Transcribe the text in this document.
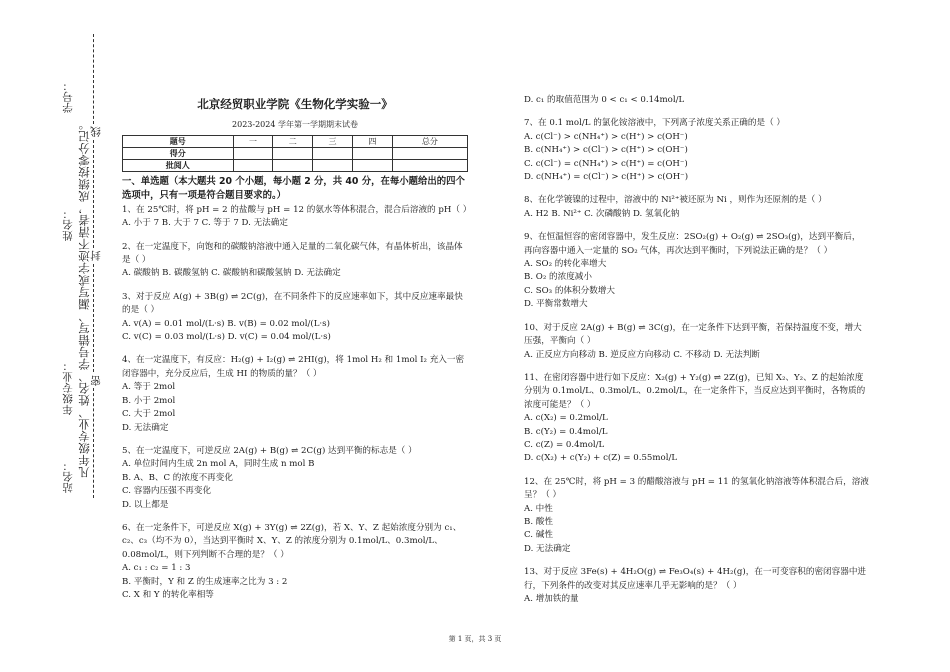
学号：
姓名：
年级专业：
站名： 凡年级专业、姓名、学号错写、漏写或字迹不清者，成绩按零分记。 线
封
密
北京经贸职业学院《生物化学实验一》
2023-2024 学年第一学期期末试卷
题号	一	二	三	四	总分
得分					
批阅人					
一、单选题（本大题共 20 个小题，每小题 2 分，共 40 分，在每小题给出的四个选项中，只有一项是符合题目要求的。）
1、在 25℃时，将 pH = 2 的盐酸与 pH = 12 的氨水等体积混合，混合后溶液的 pH（ ）
A. 小于 7 B. 大于 7 C. 等于 7 D. 无法确定
2、在一定温度下，向饱和的碳酸钠溶液中通入足量的二氧化碳气体，有晶体析出，该晶体是（ ）
A. 碳酸钠 B. 碳酸氢钠 C. 碳酸钠和碳酸氢钠 D. 无法确定
3、对于反应 A(g) + 3B(g) ⇌ 2C(g)，在不同条件下的反应速率如下，其中反应速率最快的是（ ）
A. v(A) = 0.01 mol/(L·s) B. v(B) = 0.02 mol/(L·s)
C. v(C) = 0.03 mol/(L·s) D. v(C) = 0.04 mol/(L·s)
4、在一定温度下，有反应：H₂(g) + I₂(g) ⇌ 2HI(g)，将 1mol H₂ 和 1mol I₂ 充入一密闭容器中，充分反应后，生成 HI 的物质的量？（ ）
A. 等于 2mol
B. 小于 2mol
C. 大于 2mol
D. 无法确定
5、在一定温度下，可逆反应 2A(g) + B(g) ⇌ 2C(g) 达到平衡的标志是（ ）
A. 单位时间内生成 2n mol A，同时生成 n mol B
B. A、B、C 的浓度不再变化
C. 容器内压强不再变化
D. 以上都是
6、在一定条件下，可逆反应 X(g) + 3Y(g) ⇌ 2Z(g)，若 X、Y、Z 起始浓度分别为 c₁、c₂、c₃（均不为 0），当达到平衡时 X、Y、Z 的浓度分别为 0.1mol/L、0.3mol/L、0.08mol/L，则下列判断不合理的是？（ ）
A. c₁ : c₂ = 1 : 3
B. 平衡时，Y 和 Z 的生成速率之比为 3 : 2
C. X 和 Y 的转化率相等
D. c₁ 的取值范围为 0 < c₁ < 0.14mol/L
7、在 0.1 mol/L 的氯化铵溶液中，下列离子浓度关系正确的是（ ）
A. c(Cl⁻) > c(NH₄⁺) > c(H⁺) > c(OH⁻)
B. c(NH₄⁺) > c(Cl⁻) > c(H⁺) > c(OH⁻)
C. c(Cl⁻) = c(NH₄⁺) > c(H⁺) = c(OH⁻)
D. c(NH₄⁺) = c(Cl⁻) > c(H⁺) > c(OH⁻)
8、在化学镀镍的过程中，溶液中的 Ni²⁺被还原为 Ni ，则作为还原剂的是（ ）
A. H2 B. Ni²⁺ C. 次磷酸钠 D. 氢氧化钠
9、在恒温恒容的密闭容器中，发生反应：2SO₂(g) + O₂(g) ⇌ 2SO₃(g)，达到平衡后，再向容器中通入一定量的 SO₂ 气体，再次达到平衡时，下列说法正确的是？（ ）
A. SO₂ 的转化率增大
B. O₂ 的浓度减小
C. SO₃ 的体积分数增大
D. 平衡常数增大
10、对于反应 2A(g) + B(g) ⇌ 3C(g)，在一定条件下达到平衡，若保持温度不变，增大压强，平衡向（ ）
A. 正反应方向移动 B. 逆反应方向移动 C. 不移动 D. 无法判断
11、在密闭容器中进行如下反应：X₂(g) + Y₂(g) ⇌ 2Z(g)，已知 X₂、Y₂、Z 的起始浓度分别为 0.1mol/L、0.3mol/L、0.2mol/L，在一定条件下，当反应达到平衡时，各物质的浓度可能是？（ ）
A. c(X₂) = 0.2mol/L
B. c(Y₂) = 0.4mol/L
C. c(Z) = 0.4mol/L
D. c(X₂) + c(Y₂) + c(Z) = 0.55mol/L
12、在 25℃时，将 pH = 3 的醋酸溶液与 pH = 11 的氢氧化钠溶液等体积混合后，溶液呈？（ ）
A. 中性
B. 酸性
C. 碱性
D. 无法确定
13、对于反应 3Fe(s) + 4H₂O(g) ⇌ Fe₃O₄(s) + 4H₂(g)，在一可变容积的密闭容器中进行，下列条件的改变对其反应速率几乎无影响的是？（ ）
A. 增加铁的量
第 1 页，共 3 页
